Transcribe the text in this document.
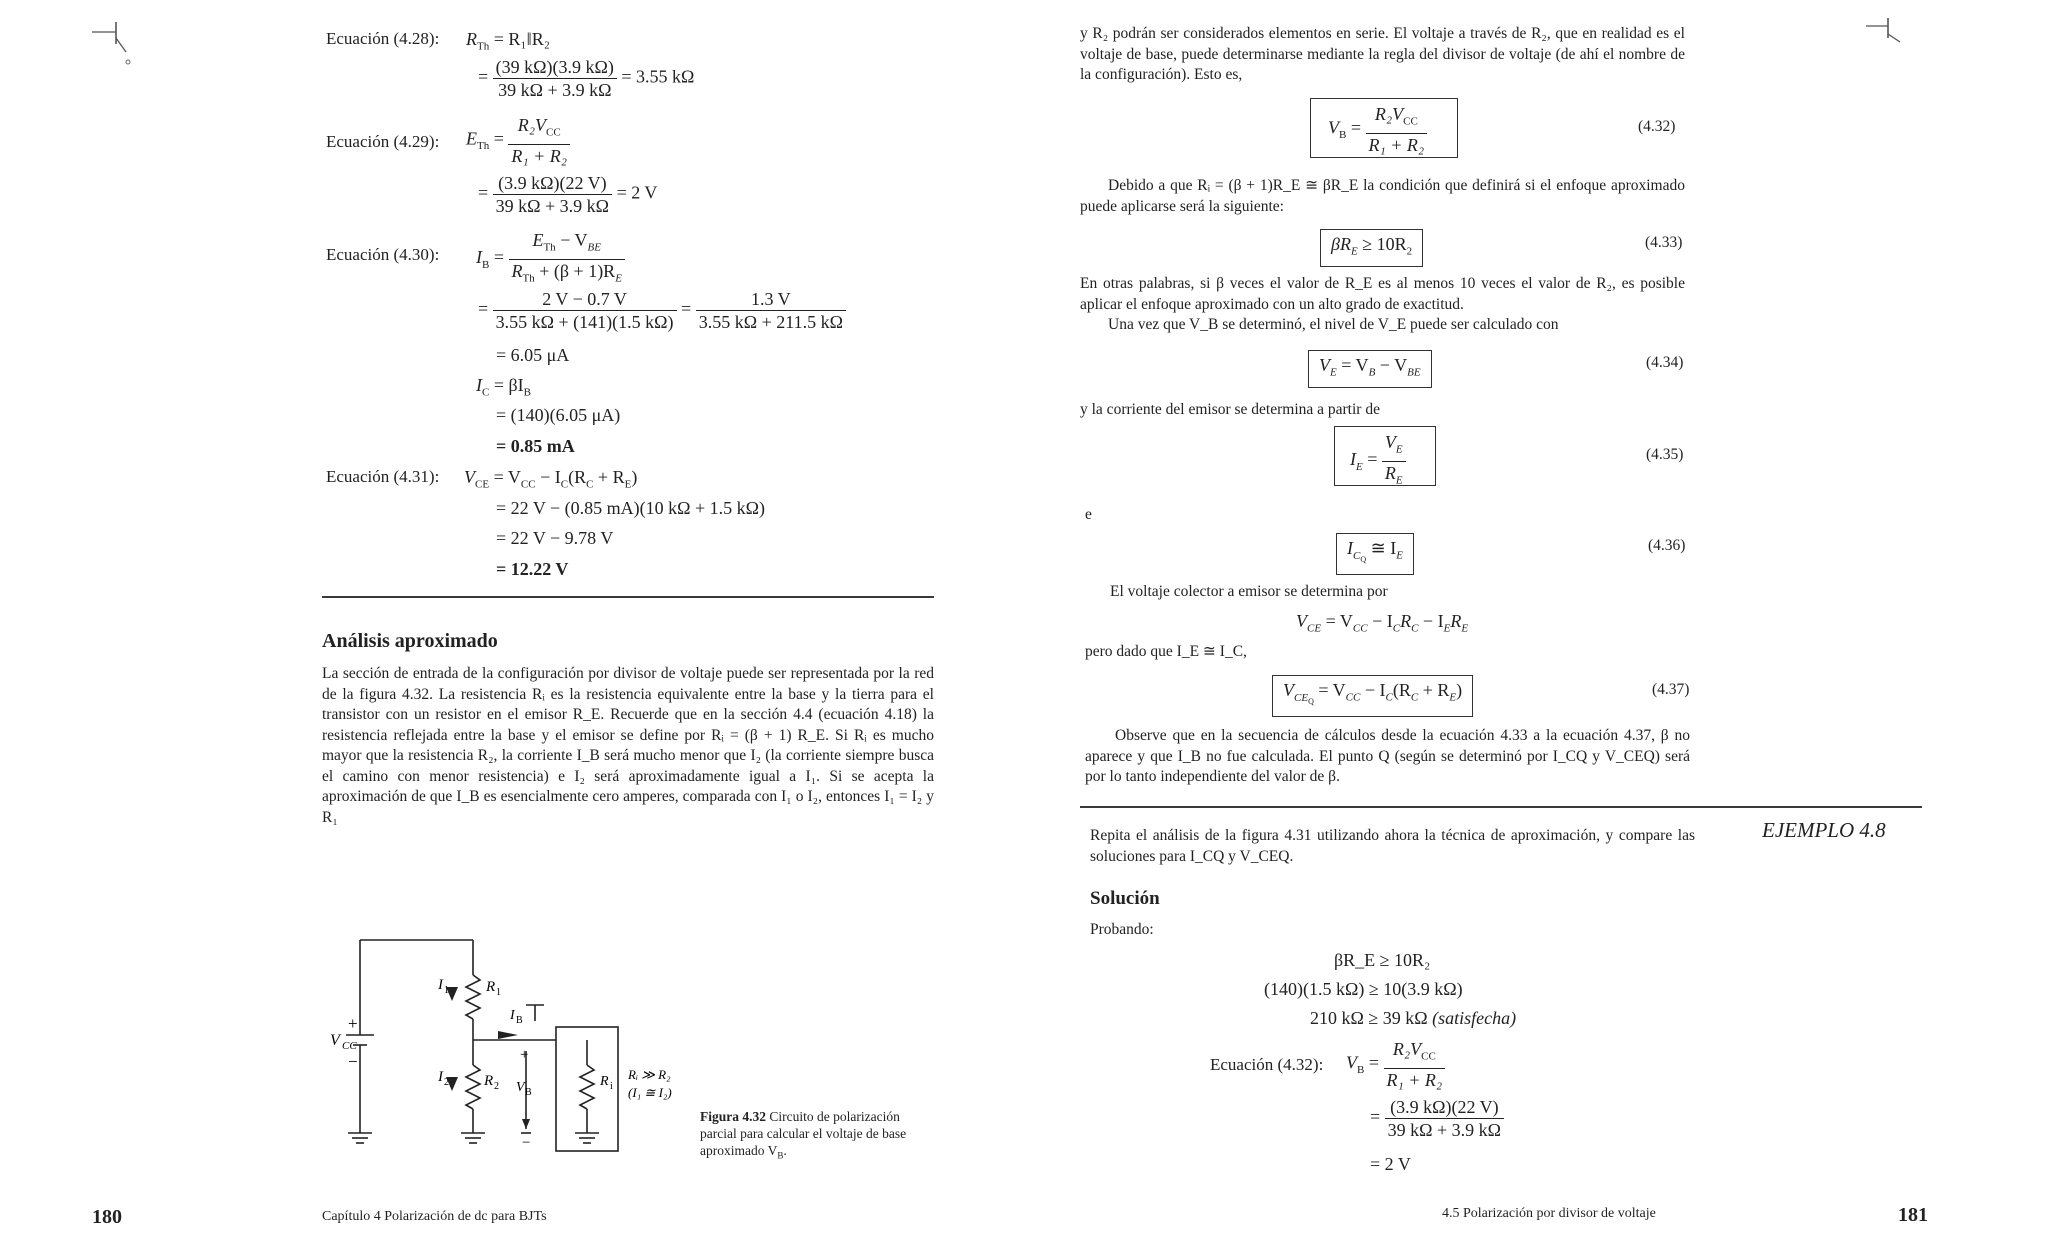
Ecuación (4.28): $R_{Th}$ = R₁‖R₂
= $\frac{(39 k\Omega)(3.9 k\Omega)}{39 k\Omega + 3.9 k\Omega} = 3.55$ kΩ
Ecuación (4.29): $E_{Th} = \frac{R_2V_{CC}}{\text{R₁ + R₂}}$
= $\frac{(3.9 k\Omega)(22 V)}{39 k\Omega + 3.9 k\Omega} = 2$ V
Ecuación (4.30): $I_B = \frac{E_{Th} - V_{BE}}{R_{Th} + (\beta + 1)R_E}$
= $\frac{2 V - 0.7 V}{3.55 k\Omega + (141)(1.5 k\Omega)} = \frac{1.3 V}{3.55 k\Omega + 211.5 k\Omega}$
= 6.05 μA
$I_C = \beta I_B$
= (140)(6.05 μA)
= 0.85 mA
Ecuación (4.31): $V_{CE} = V_{CC} - I_C(R_C + R_E)$
= 22 V − (0.85 mA)(10 kΩ + 1.5 kΩ)
= 22 V − 9.78 V
= 12.22 V
Análisis aproximado
La sección de entrada de la configuración por divisor de voltaje puede ser representada por la red de la figura 4.32. La resistencia Rᵢ es la resistencia equivalente entre la base y la tierra para el transistor con un resistor en el emisor R_E. Recuerde que en la sección 4.4 (ecuación 4.18) la resistencia reflejada entre la base y el emisor se define por Rᵢ = (β + 1) R_E. Si Rᵢ es mucho mayor que la resistencia R₂, la corriente I_B será mucho menor que I₂ (la corriente siempre busca el camino con menor resistencia) e I₂ será aproximadamente igual a I₁. Si se acepta la aproximación de que I_B es esencialmente cero amperes, comparada con I₁ o I₂, entonces I₁ = I₂ y R₁
V CC
+
−
I 1 R 1
I 2 R 2
I B
+
V B
−
R i
Rᵢ ≫ R₂
(I₁ ≅ I₂)
Figura 4.32 Circuito de polarización parcial para calcular el voltaje de base aproximado $V_B$.
180	Capítulo 4 Polarización de dc para BJTs
y R₂ podrán ser considerados elementos en serie. El voltaje a través de R₂, que en realidad es el voltaje de base, puede determinarse mediante la regla del divisor de voltaje (de ahí el nombre de la configuración). Esto es,
$V_B = \frac{R_2V_{CC}}{\text{R₁ + R₂}}$	(4.32)
Debido a que Rᵢ = (β + 1)R_E ≅ βR_E la condición que definirá si el enfoque aproximado puede aplicarse será la siguiente:
$\beta R_E \ge 10R_2$
(4.33)
En otras palabras, si β veces el valor de R_E es al menos 10 veces el valor de R₂, es posible aplicar el enfoque aproximado con un alto grado de exactitud.
Una vez que V_B se determinó, el nivel de V_E puede ser calculado con
$V_E = V_B - V_{BE}$
(4.34)
y la corriente del emisor se determina a partir de
$I_E = \frac{V_E}{R_E}$	(4.35)
e
$I_{C_Q}$ ≅ $I_E$
(4.36)
El voltaje colector a emisor se determina por
$V_{CE} = V_{CC} - I_CR_C - I_ER_E$
pero dado que I_E ≅ I_C,
$V_{CE_Q} = V_{CC} - I_C(R_C + R_E)$	(4.37)
Observe que en la secuencia de cálculos desde la ecuación 4.33 a la ecuación 4.37, β no aparece y que I_B no fue calculada. El punto Q (según se determinó por I_CQ y V_CEQ) será por lo tanto independiente del valor de β.
Repita el análisis de la figura 4.31 utilizando ahora la técnica de aproximación, y compare las soluciones para I_CQ y V_CEQ.
EJEMPLO 4.8
Solución
Probando:
βR_E ≥ 10R₂
(140)(1.5 kΩ) ≥ 10(3.9 kΩ)
210 kΩ ≥ 39 kΩ (satisfecha)
Ecuación (4.32): $V_B = \frac{R_2V_{CC}}{\text{R₁ + R₂}}$
= $\frac{(3.9 k\Omega)(22 V)}{39 k\Omega + 3.9 k\Omega}$
= 2 V
4.5 Polarización por divisor de voltaje	181
